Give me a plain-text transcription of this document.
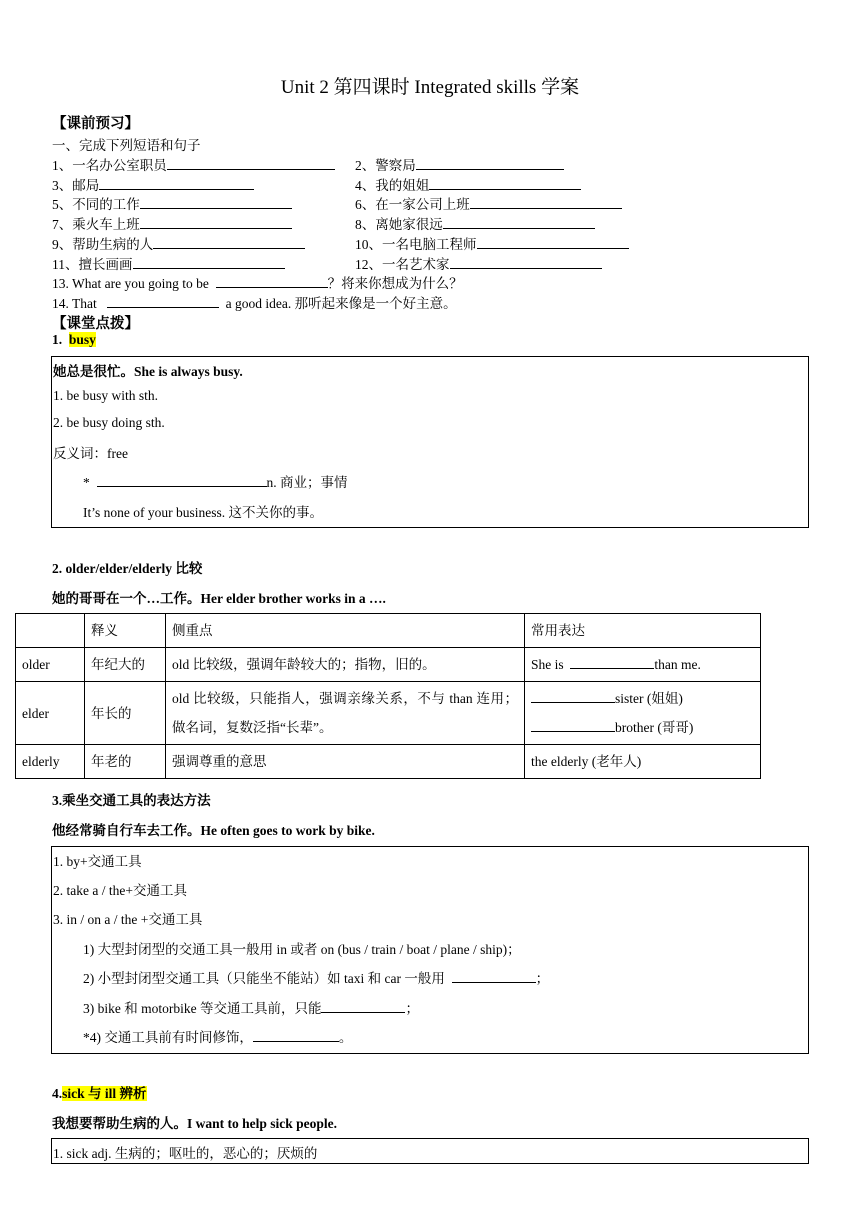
Unit 2 第四课时 Integrated skills 学案
【课前预习】
一、完成下列短语和句子
1、一名办公室职员	2、警察局
3、邮局	4、我的姐姐
5、不同的工作	6、在一家公司上班
7、乘火车上班	8、离她家很远
9、帮助生病的人	10、一名电脑工程师
11、擅长画画	12、一名艺术家
13. What are you going to be	？将来你想成为什么？
14. That	a good idea. 那听起来像是一个好主意。
【课堂点拨】
1. busy
她总是很忙。She is always busy.
1. be busy with sth.
2. be busy doing sth.
反义词：free
*	n. 商业；事情
It’s none of your business. 这不关你的事。
2. older/elder/elderly 比较
她的哥哥在一个…工作。Her elder brother works in a ….
	释义	侧重点	常用表达
older	年纪大的	old 比较级，强调年龄较大的；指物，旧的。	She is than me.
elder	年长的	old 比较级，只能指人，强调亲缘关系，不与 than 连用；做名词，复数泛指“长辈”。	sister (姐姐)
brother (哥哥)

elderly	年老的	强调尊重的意思	the elderly (老年人)
3.乘坐交通工具的表达方法
他经常骑自行车去工作。He often goes to work by bike.
1. by+交通工具
2. take a / the+交通工具
3. in / on a / the +交通工具
1) 大型封闭型的交通工具一般用 in 或者 on (bus / train / boat / plane / ship)；
2) 小型封闭型交通工具（只能坐不能站）如 taxi 和 car 一般用	；
3) bike 和 motorbike 等交通工具前，只能	；
*4) 交通工具前有时间修饰，	。
4.sick 与 ill 辨析
我想要帮助生病的人。I want to help sick people.
1. sick adj. 生病的；呕吐的，恶心的；厌烦的
